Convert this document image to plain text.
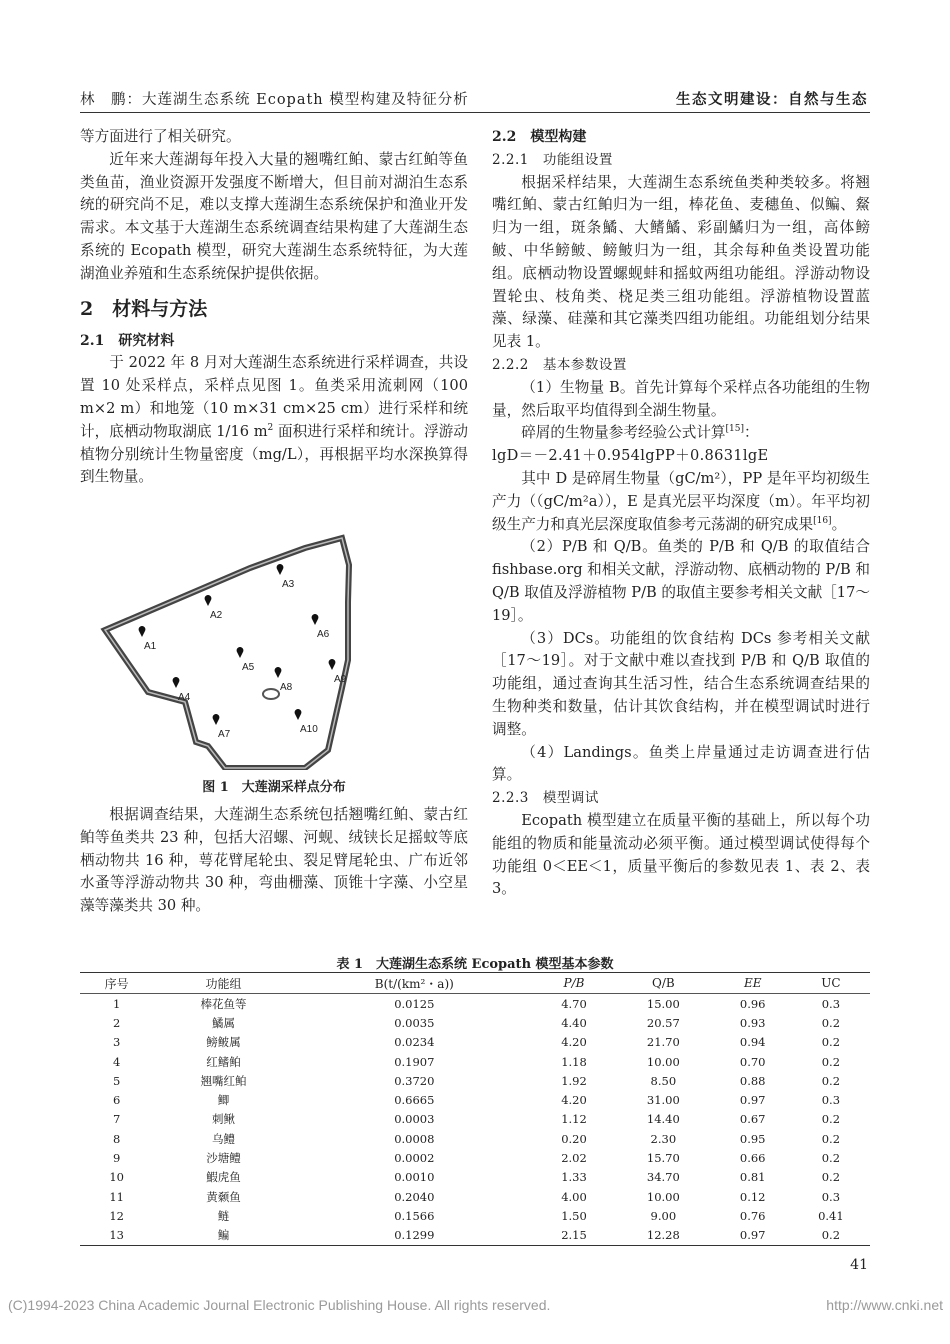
林　鹏：大莲湖生态系统 Ecopath 模型构建及特征分析	生态文明建设：自然与生态

等方面进行了相关研究。

近年来大莲湖每年投入大量的翘嘴红鲌、蒙古红鲌等鱼类鱼苗，渔业资源开发强度不断增大，但目前对湖泊生态系统的研究尚不足，难以支撑大莲湖生态系统保护和渔业开发需求。本文基于大莲湖生态系统调查结果构建了大莲湖生态系统的 Ecopath 模型，研究大莲湖生态系统特征，为大莲湖渔业养殖和生态系统保护提供依据。

2　材料与方法

2.1　研究材料

于 2022 年 8 月对大莲湖生态系统进行采样调查，共设置 10 处采样点，采样点见图 1。鱼类采用流刺网（100 m×2 m）和地笼（10 m×31 cm×25 cm）进行采样和统计，底栖动物取湖底 1/16 $m^2$ 面积进行采样和统计。浮游动植物分别统计生物量密度（mg/L），再根据平均水深换算得到生物量。

A1
A2
A3
A4
A5
A6
A7
A8
A9
A10
图 1　大莲湖采样点分布

根据调查结果，大莲湖生态系统包括翘嘴红鲌、蒙古红鲌等鱼类共 23 种，包括大沼螺、河蚬、绒铗长足摇蚊等底栖动物共 16 种，萼花臂尾轮虫、裂足臂尾轮虫、广布近邻水蚤等浮游动物共 30 种，弯曲栅藻、顶锥十字藻、小空星藻等藻类共 30 种。

2.2　模型构建

2.2.1　功能组设置

根据采样结果，大莲湖生态系统鱼类种类较多。将翘嘴红鲌、蒙古红鲌归为一组，棒花鱼、麦穗鱼、似鳊、䱗归为一组，斑条鱊、大鳍鱊、彩副鱊归为一组，高体鳑鲏、中华鳑鲏、鳑鲏归为一组，其余每种鱼类设置功能组。底栖动物设置螺蚬蚌和摇蚊两组功能组。浮游动物设置轮虫、枝角类、桡足类三组功能组。浮游植物设置蓝藻、绿藻、硅藻和其它藻类四组功能组。功能组划分结果见表 1。

2.2.2　基本参数设置

（1）生物量 B。首先计算每个采样点各功能组的生物量，然后取平均值得到全湖生物量。

碎屑的生物量参考经验公式计算[15]：

lgD＝－2.41＋0.954lgPP＋0.8631lgE

其中 D 是碎屑生物量（gC/m²），PP 是年平均初级生产力（（gC/m²a）），E 是真光层平均深度（m）。年平均初级生产力和真光层深度取值参考元荡湖的研究成果[16]。

（2）P/B 和 Q/B。鱼类的 P/B 和 Q/B 的取值结合 fishbase.org 和相关文献，浮游动物、底栖动物的 P/B 和 Q/B 取值及浮游植物 P/B 的取值主要参考相关文献［17～19］。

（3）DCs。功能组的饮食结构 DCs 参考相关文献［17～19］。对于文献中难以查找到 P/B 和 Q/B 取值的功能组，通过查询其生活习性，结合生态系统调查结果的生物种类和数量，估计其饮食结构，并在模型调试时进行调整。

（4）Landings。鱼类上岸量通过走访调查进行估算。

2.2.3　模型调试

Ecopath 模型建立在质量平衡的基础上，所以每个功能组的物质和能量流动必须平衡。通过模型调试使得每个功能组 0＜EE＜1，质量平衡后的参数见表 1、表 2、表 3。

表 1　大莲湖生态系统 Ecopath 模型基本参数
序号	功能组	B(t/(km²・a))	P/B	Q/B	EE	UC
1	棒花鱼等	0.0125	4.70	15.00	0.96	0.3
2	鱊属	0.0035	4.40	20.57	0.93	0.2
3	鳑鲏属	0.0234	4.20	21.70	0.94	0.2
4	红鳍鲌	0.1907	1.18	10.00	0.70	0.2
5	翘嘴红鲌	0.3720	1.92	8.50	0.88	0.2
6	鲫	0.6665	4.20	31.00	0.97	0.3
7	刺鳅	0.0003	1.12	14.40	0.67	0.2
8	乌鳢	0.0008	0.20	2.30	0.95	0.2
9	沙塘鳢	0.0002	2.02	15.70	0.66	0.2
10	鰕虎鱼	0.0010	1.33	34.70	0.81	0.2
11	黄颡鱼	0.2040	4.00	10.00	0.12	0.3
12	鲢	0.1566	1.50	9.00	0.76	0.41
13	鳊	0.1299	2.15	12.28	0.97	0.2
41
(C)1994-2023 China Academic Journal Electronic Publishing House. All rights reserved.	http://www.cnki.net
